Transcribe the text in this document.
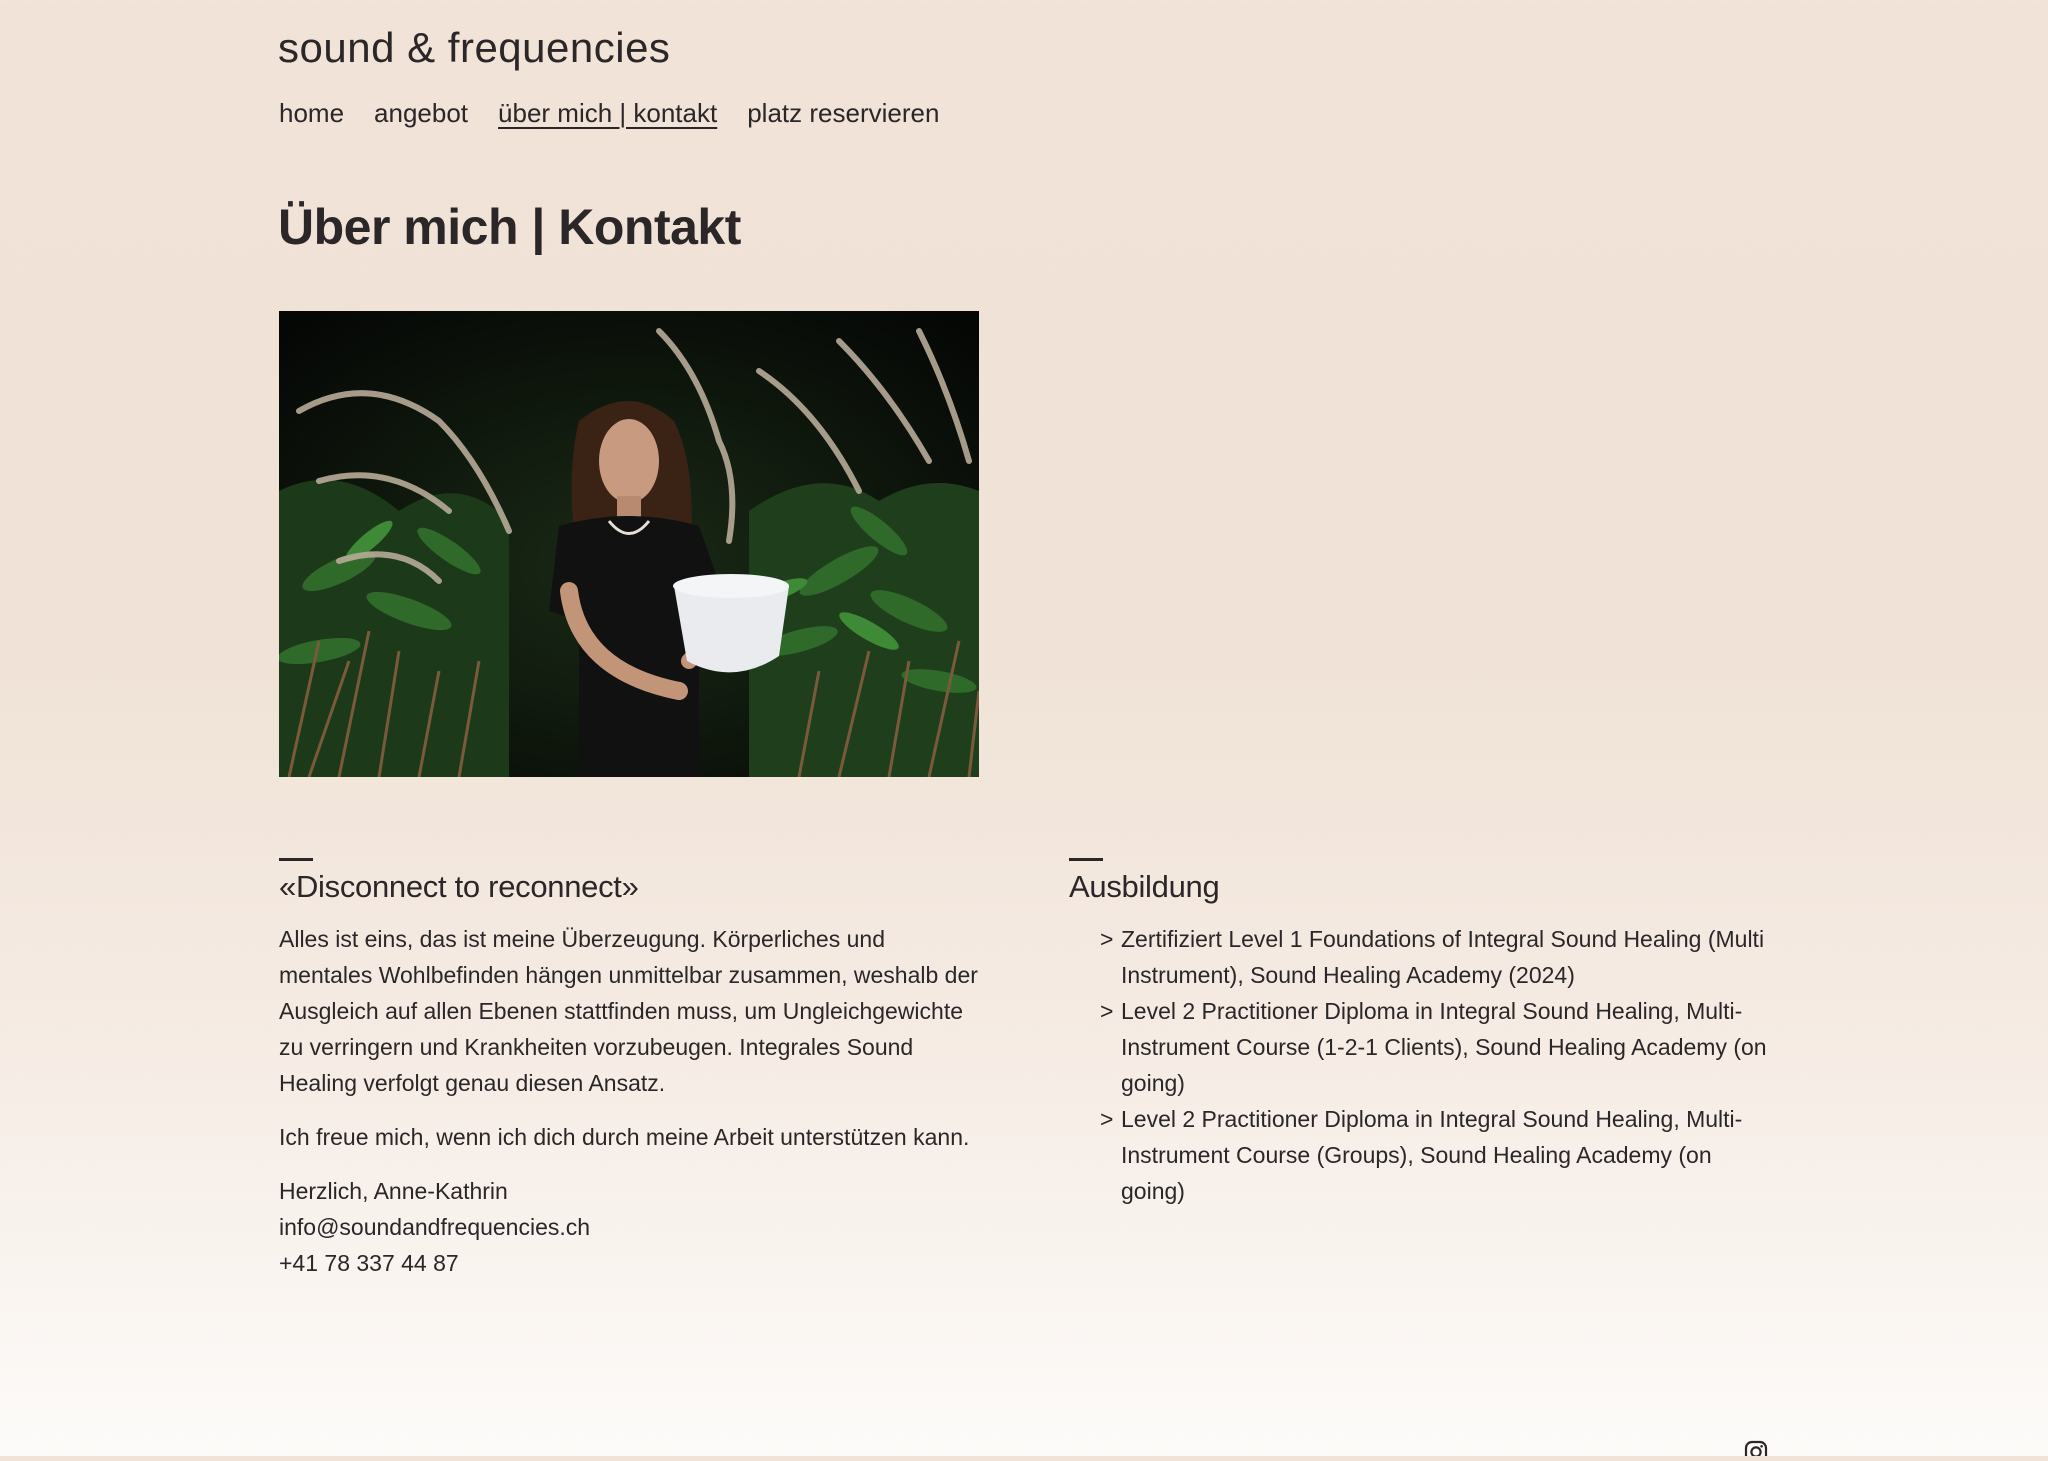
sound & frequencies
home angebot über mich | kontakt platz reservieren
Über mich | Kontakt
«Disconnect to reconnect»

Alles ist eins, das ist meine Überzeugung. Körperliches und mentales Wohlbefinden hängen unmittelbar zusammen, weshalb der Ausgleich auf allen Ebenen stattfinden muss, um Ungleichgewichte zu verringern und Krankheiten vorzubeugen. Integrales Sound Healing verfolgt genau diesen Ansatz.

Ich freue mich, wenn ich dich durch meine Arbeit unterstützen kann.

Herzlich, Anne-Kathrin

info@soundandfrequencies.ch

+41 78 337 44 87

Ausbildung
> Zertifiziert Level 1 Foundations of Integral Sound Healing (Multi Instrument), Sound Healing Academy (2024)
> Level 2 Practitioner Diploma in Integral Sound Healing, Multi-Instrument Course (1-2-1 Clients), Sound Healing Academy (on going)
> Level 2 Practitioner Diploma in Integral Sound Healing, Multi-Instrument Course (Groups), Sound Healing Academy (on going)
